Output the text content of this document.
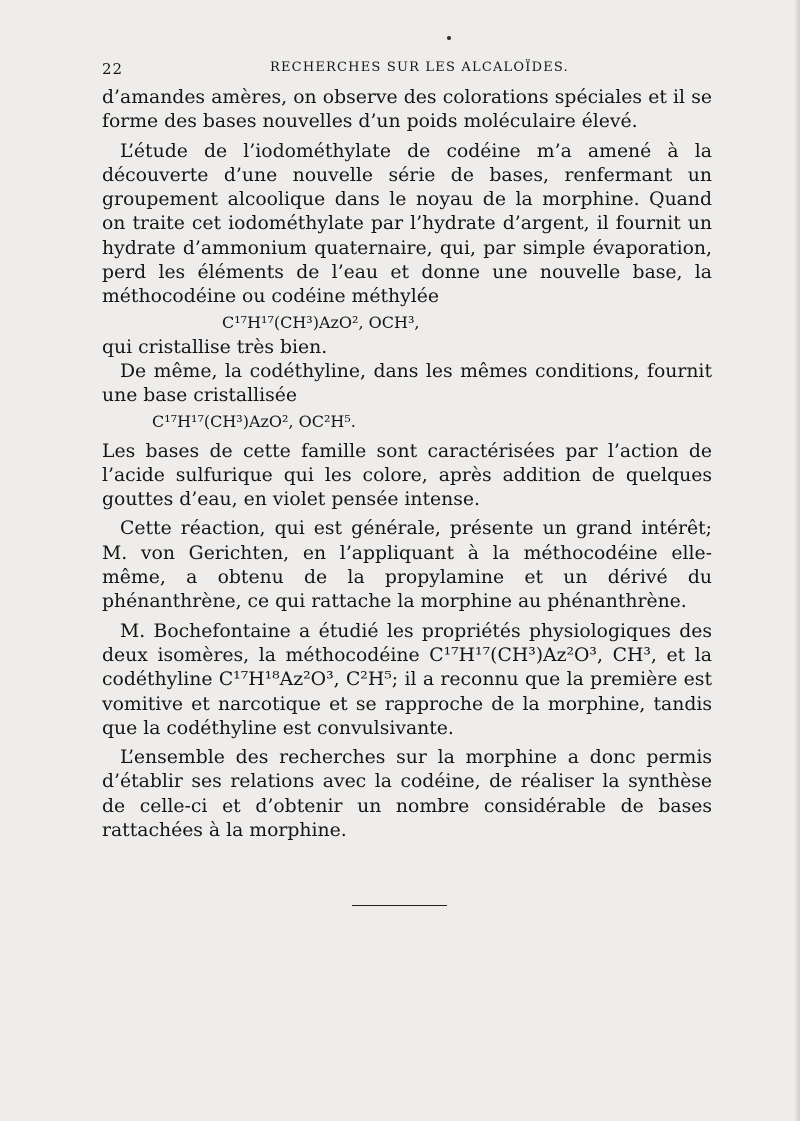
22	RECHERCHES SUR LES ALCALOÏDES.

d’amandes amères, on observe des colorations spéciales et il se forme des bases nouvelles d’un poids moléculaire élevé.

L’étude de l’iodométhylate de codéine m’a amené à la découverte d’une nouvelle série de bases, renfermant un groupement alcoolique dans le noyau de la morphine. Quand on traite cet iodométhylate par l’hydrate d’argent, il fournit un hydrate d’ammonium quaternaire, qui, par simple évaporation, perd les éléments de l’eau et donne une nouvelle base, la méthocodéine ou codéine méthylée

C¹⁷H¹⁷(CH³)AzO², OCH³,

qui cristallise très bien.

De même, la codéthyline, dans les mêmes conditions, fournit une base cristallisée

C¹⁷H¹⁷(CH³)AzO², OC²H⁵.

Les bases de cette famille sont caractérisées par l’action de l’acide sulfurique qui les colore, après addition de quelques gouttes d’eau, en violet pensée intense.

Cette réaction, qui est générale, présente un grand intérêt; M. von Gerichten, en l’appliquant à la méthocodéine elle-même, a obtenu de la propylamine et un dérivé du phénanthrène, ce qui rattache la morphine au phénanthrène.

M. Bochefontaine a étudié les propriétés physiologiques des deux isomères, la méthocodéine C¹⁷H¹⁷(CH³)Az²O³, CH³, et la codéthyline C¹⁷H¹⁸Az²O³, C²H⁵; il a reconnu que la première est vomitive et narcotique et se rapproche de la morphine, tandis que la codéthyline est convulsivante.

L’ensemble des recherches sur la morphine a donc permis d’établir ses relations avec la codéine, de réaliser la synthèse de celle-ci et d’obtenir un nombre considérable de bases rattachées à la morphine.
